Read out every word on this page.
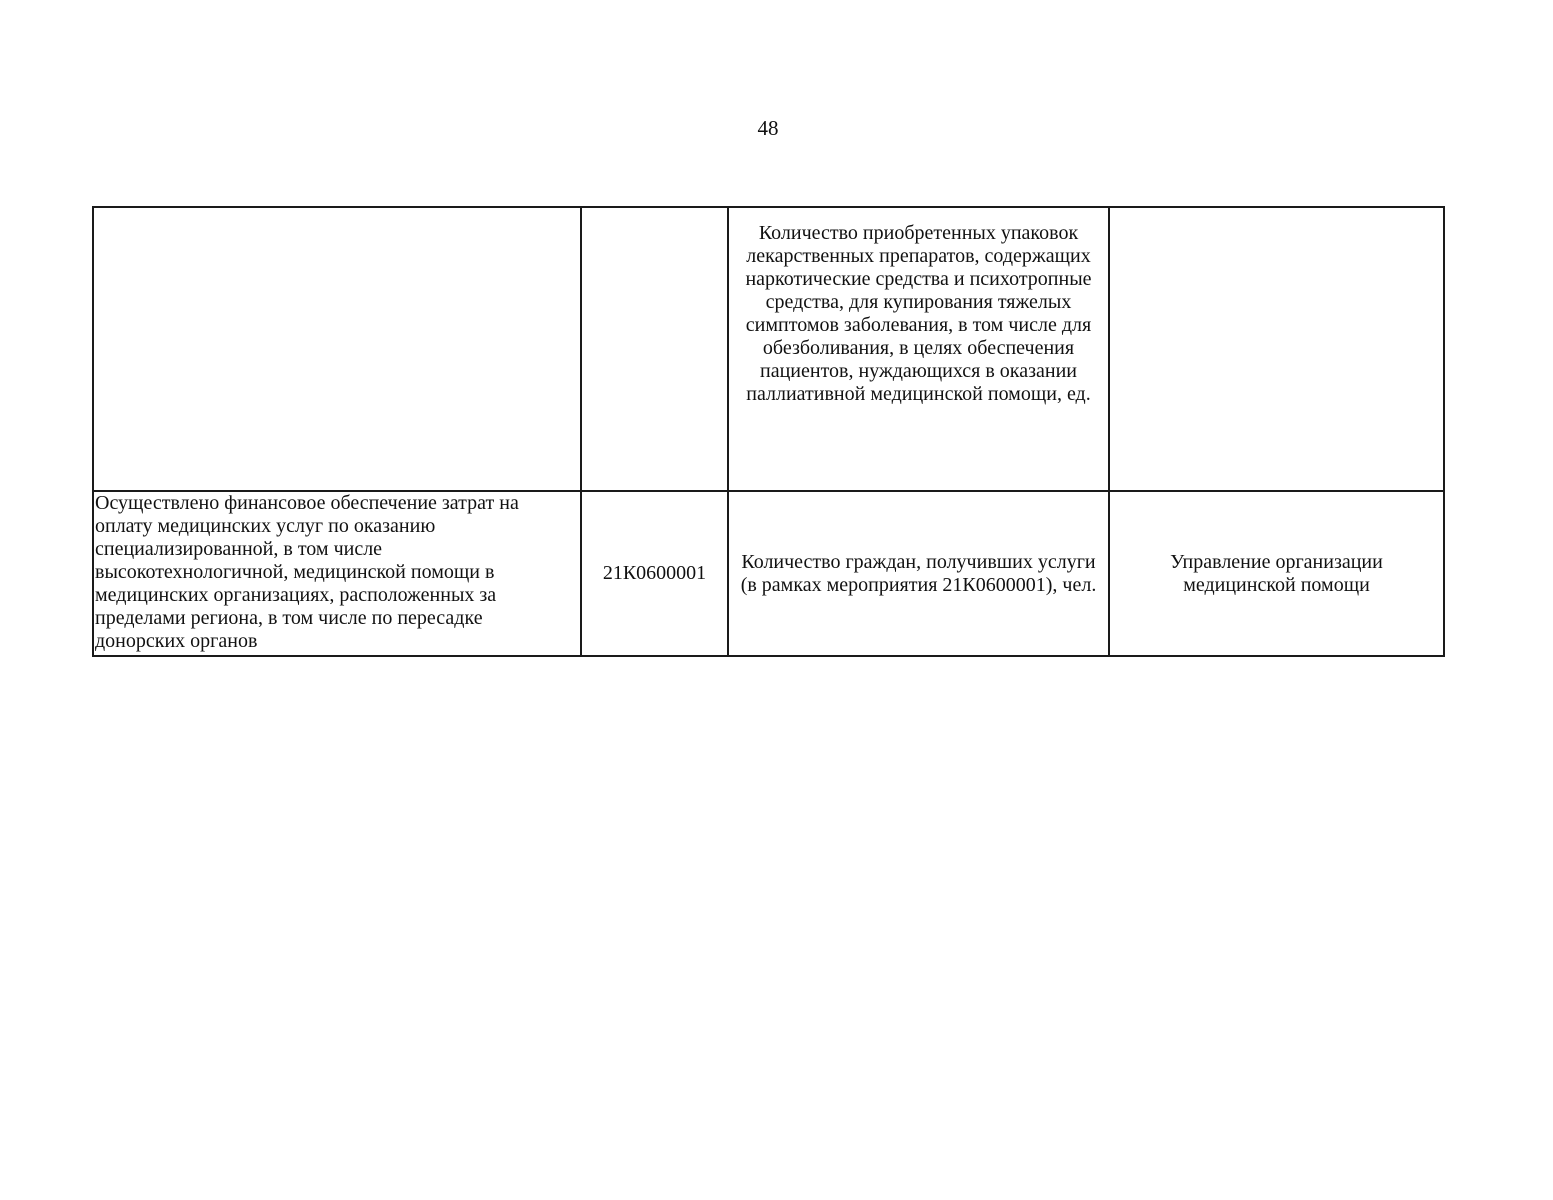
48
		Количество приобретенных упаковок лекарственных препаратов, содержащих наркотические средства и психотропные средства, для купирования тяжелых симптомов заболевания, в том числе для обезболивания, в целях обеспечения пациентов, нуждающихся в оказании паллиативной медицинской помощи, ед.	
Осуществлено финансовое обеспечение затрат на оплату медицинских услуг по оказанию специализированной, в том числе высокотехнологичной, медицинской помощи в медицинских организациях, расположенных за пределами региона, в том числе по пересадке донорских органов	21К0600001	Количество граждан, получивших услуги (в рамках мероприятия 21К0600001), чел.	Управление организации медицинской помощи
